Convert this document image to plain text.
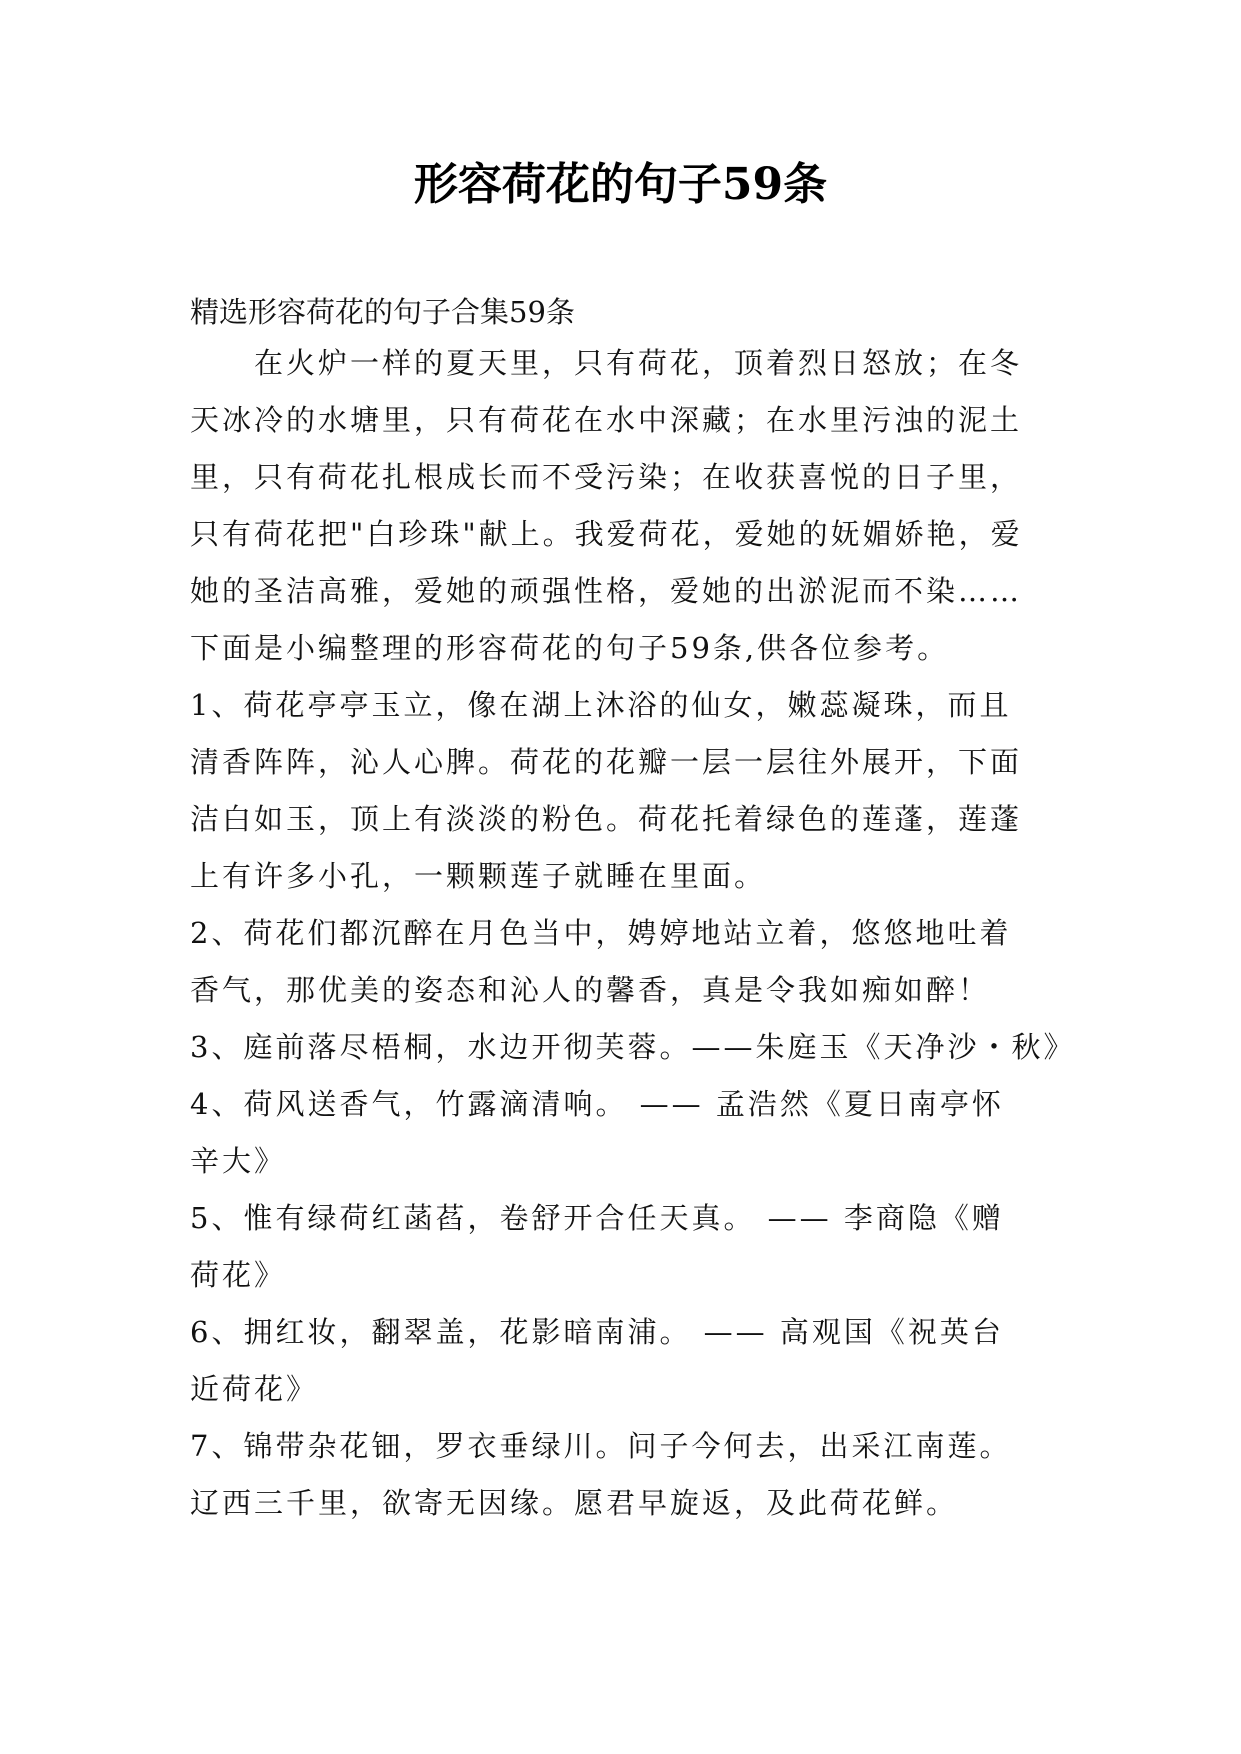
形容荷花的句子59条
精选形容荷花的句子合集59条
在火炉一样的夏天里，只有荷花，顶着烈日怒放；在冬
天冰冷的水塘里，只有荷花在水中深藏；在水里污浊的泥土
里，只有荷花扎根成长而不受污染；在收获喜悦的日子里，
只有荷花把"白珍珠"献上。我爱荷花，爱她的妩媚娇艳，爱
她的圣洁高雅，爱她的顽强性格，爱她的出淤泥而不染……
下面是小编整理的形容荷花的句子59条,供各位参考。
1、荷花亭亭玉立，像在湖上沐浴的仙女，嫩蕊凝珠，而且
清香阵阵，沁人心脾。荷花的花瓣一层一层往外展开，下面
洁白如玉，顶上有淡淡的粉色。荷花托着绿色的莲蓬，莲蓬
上有许多小孔，一颗颗莲子就睡在里面。
2、荷花们都沉醉在月色当中，娉婷地站立着，悠悠地吐着
香气，那优美的姿态和沁人的馨香，真是令我如痴如醉！
3、庭前落尽梧桐，水边开彻芙蓉。——朱庭玉《天净沙・秋》
4、荷风送香气，竹露滴清响。 —— 孟浩然《夏日南亭怀
辛大》
5、惟有绿荷红菡萏，卷舒开合任天真。 —— 李商隐《赠
荷花》
6、拥红妆，翻翠盖，花影暗南浦。 —— 高观国《祝英台
近荷花》
7、锦带杂花钿，罗衣垂绿川。问子今何去，出采江南莲。
辽西三千里，欲寄无因缘。愿君早旋返，及此荷花鲜。
